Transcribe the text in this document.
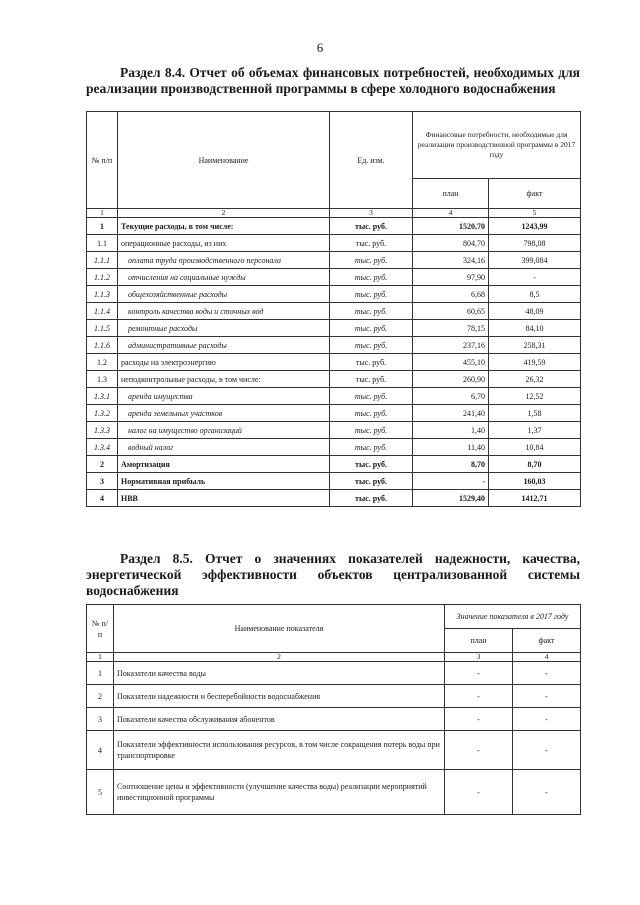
6
Раздел 8.4. Отчет об объемах финансовых потребностей, необходимых для реализации производственной программы в сфере холодного водоснабжения
№ п/п	Наименование	Ед. изм.	Финансовые потребности, необходимые для реализации производственной программы в 2017 году	
			план	факт
1	2	3	4	5
1	Текущие расходы, в том числе:	тыс. руб.	1520,70	1243,99
1.1	операционные расходы, из них	тыс. руб.	804,70	798,08
1.1.1	оплата труда производственного персонала	тыс. руб.	324,16	399,084
1.1.2	отчисления на социальные нужды	тыс. руб.	97,90	-
1.1.3	общехозяйственные расходы	тыс. руб.	6,68	8,5
1.1.4	контроль качества воды и сточных вод	тыс. руб.	60,65	48,09
1.1.5	ремонтные расходы	тыс. руб.	78,15	84,10
1.1.6	административные расходы	тыс. руб.	237,16	258,31
1.2	расходы на электроэнергию	тыс. руб.	455,10	419,59
1.3	неподконтрольные расходы, в том числе:	тыс. руб.	260,90	26,32
1.3.1	аренда имущества	тыс. руб.	6,70	12,52
1.3.2	аренда земельных участков	тыс. руб.	241,40	1,58
1.3.3	налог на имущество организаций	тыс. руб.	1,40	1,37
1.3.4	водный налог	тыс. руб.	11,40	10,84
2	Амортизация	тыс. руб.	8,70	8,70
3	Нормативная прибыль	тыс. руб.	-	160,03
4	НВВ	тыс. руб.	1529,40	1412,71
Раздел 8.5. Отчет о значениях показателей надежности, качества, энергетической эффективности объектов централизованной системы водоснабжения
№ п/п	Наименование показателя	Значение показателя в 2017 году	
		план	факт
1	2	3	4
1	Показатели качества воды	-	-
2	Показатели надежности и бесперебойности водоснабжения	-	-
3	Показатели качества обслуживания абонентов	-	-
4	Показатели эффективности использования ресурсов, в том числе сокращения потерь воды при транспортировке	-	-
5	Соотношение цены и эффективности (улучшение качества воды) реализации мероприятий инвестиционной программы	-	-
